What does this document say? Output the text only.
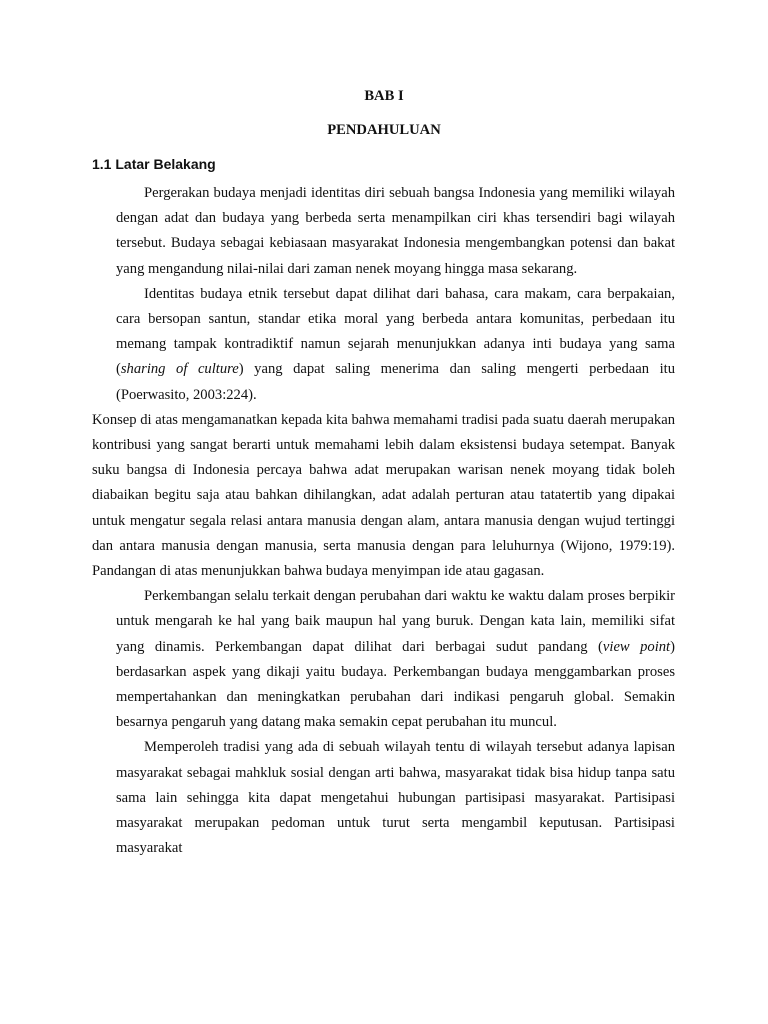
BAB I
PENDAHULUAN
1.1 Latar Belakang

Pergerakan budaya menjadi identitas diri sebuah bangsa Indonesia yang memiliki wilayah dengan adat dan budaya yang berbeda serta menampilkan ciri khas tersendiri bagi wilayah tersebut. Budaya sebagai kebiasaan masyarakat Indonesia mengembangkan potensi dan bakat yang mengandung nilai-nilai dari zaman nenek moyang hingga masa sekarang.

Identitas budaya etnik tersebut dapat dilihat dari bahasa, cara makam, cara berpakaian, cara bersopan santun, standar etika moral yang berbeda antara komunitas, perbedaan itu memang tampak kontradiktif namun sejarah menunjukkan adanya inti budaya yang sama (sharing of culture) yang dapat saling menerima dan saling mengerti perbedaan itu (Poerwasito, 2003:224).

Konsep di atas mengamanatkan kepada kita bahwa memahami tradisi pada suatu daerah merupakan kontribusi yang sangat berarti untuk memahami lebih dalam eksistensi budaya setempat. Banyak suku bangsa di Indonesia percaya bahwa adat merupakan warisan nenek moyang tidak boleh diabaikan begitu saja atau bahkan dihilangkan, adat adalah perturan atau tatatertib yang dipakai untuk mengatur segala relasi antara manusia dengan alam, antara manusia dengan wujud tertinggi dan antara manusia dengan manusia, serta manusia dengan para leluhurnya (Wijono, 1979:19). Pandangan di atas menunjukkan bahwa budaya menyimpan ide atau gagasan.

Perkembangan selalu terkait dengan perubahan dari waktu ke waktu dalam proses berpikir untuk mengarah ke hal yang baik maupun hal yang buruk. Dengan kata lain, memiliki sifat yang dinamis. Perkembangan dapat dilihat dari berbagai sudut pandang (view point) berdasarkan aspek yang dikaji yaitu budaya. Perkembangan budaya menggambarkan proses mempertahankan dan meningkatkan perubahan dari indikasi pengaruh global. Semakin besarnya pengaruh yang datang maka semakin cepat perubahan itu muncul.

Memperoleh tradisi yang ada di sebuah wilayah tentu di wilayah tersebut adanya lapisan masyarakat sebagai mahkluk sosial dengan arti bahwa, masyarakat tidak bisa hidup tanpa satu sama lain sehingga kita dapat mengetahui hubungan partisipasi masyarakat. Partisipasi masyarakat merupakan pedoman untuk turut serta mengambil keputusan. Partisipasi masyarakat
